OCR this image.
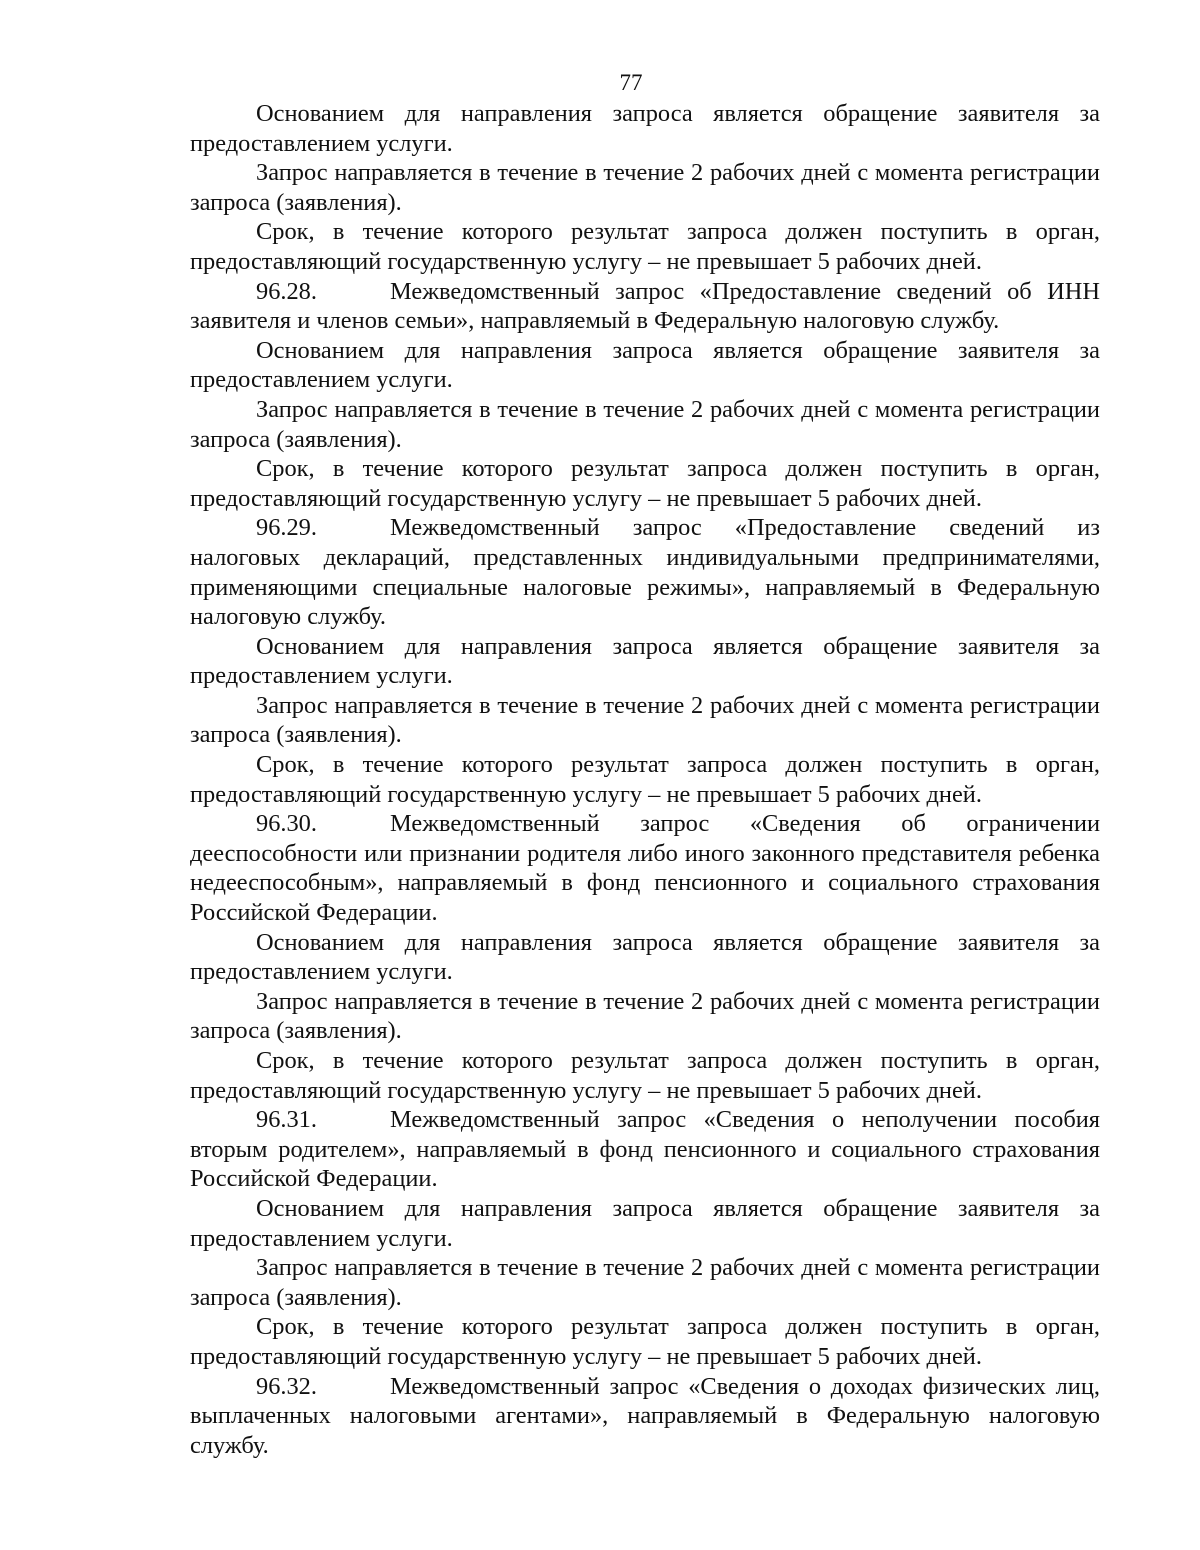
77

Основанием для направления запроса является обращение заявителя за предоставлением услуги.

Запрос направляется в течение в течение 2 рабочих дней с момента регистрации запроса (заявления).

Срок, в течение которого результат запроса должен поступить в орган, предоставляющий государственную услугу – не превышает 5 рабочих дней.

96.28.	Межведомственный запрос «Предоставление сведений об ИНН заявителя и членов семьи», направляемый в Федеральную налоговую службу.

Основанием для направления запроса является обращение заявителя за предоставлением услуги.

Запрос направляется в течение в течение 2 рабочих дней с момента регистрации запроса (заявления).

Срок, в течение которого результат запроса должен поступить в орган, предоставляющий государственную услугу – не превышает 5 рабочих дней.

96.29.	Межведомственный запрос «Предоставление сведений из налоговых деклараций, представленных индивидуальными предпринимателями, применяющими специальные налоговые режимы», направляемый в Федеральную налоговую службу.

Основанием для направления запроса является обращение заявителя за предоставлением услуги.

Запрос направляется в течение в течение 2 рабочих дней с момента регистрации запроса (заявления).

Срок, в течение которого результат запроса должен поступить в орган, предоставляющий государственную услугу – не превышает 5 рабочих дней.

96.30.	Межведомственный запрос «Сведения об ограничении дееспособности или признании родителя либо иного законного представителя ребенка недееспособным», направляемый в фонд пенсионного и социального страхования Российской Федерации.

Основанием для направления запроса является обращение заявителя за предоставлением услуги.

Запрос направляется в течение в течение 2 рабочих дней с момента регистрации запроса (заявления).

Срок, в течение которого результат запроса должен поступить в орган, предоставляющий государственную услугу – не превышает 5 рабочих дней.

96.31.	Межведомственный запрос «Сведения о неполучении пособия вторым родителем», направляемый в фонд пенсионного и социального страхования Российской Федерации.

Основанием для направления запроса является обращение заявителя за предоставлением услуги.

Запрос направляется в течение в течение 2 рабочих дней с момента регистрации запроса (заявления).

Срок, в течение которого результат запроса должен поступить в орган, предоставляющий государственную услугу – не превышает 5 рабочих дней.

96.32.	Межведомственный запрос «Сведения о доходах физических лиц, выплаченных налоговыми агентами», направляемый в Федеральную налоговую службу.
